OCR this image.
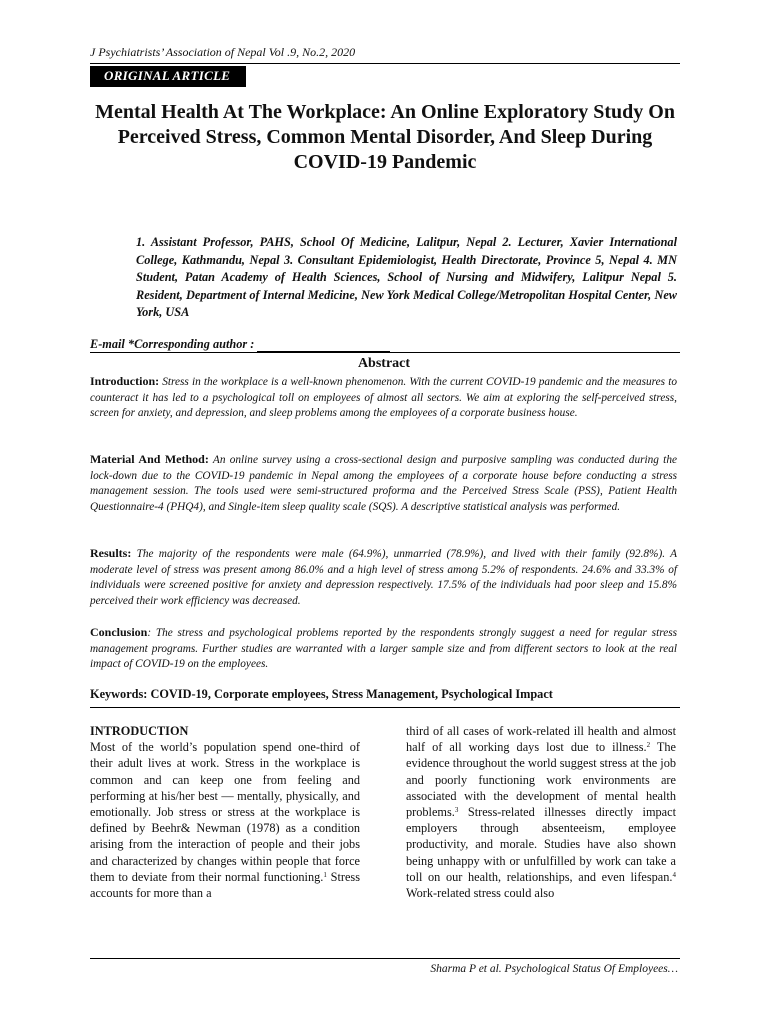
J Psychiatrists’ Association of Nepal Vol .9, No.2, 2020
ORIGINAL ARTICLE
Mental Health At The Workplace: An Online Exploratory Study On Perceived Stress, Common Mental Disorder, And Sleep During COVID-19 Pandemic
1. Assistant Professor, PAHS, School Of Medicine, Lalitpur, Nepal 2. Lecturer, Xavier International College, Kathmandu, Nepal 3. Consultant Epidemiologist, Health Directorate, Province 5, Nepal 4. MN Student, Patan Academy of Health Sciences, School of Nursing and Midwifery, Lalitpur Nepal 5. Resident, Department of Internal Medicine, New York Medical College/Metropolitan Hospital Center, New York, USA
E-mail *Corresponding author :
Abstract
Introduction: Stress in the workplace is a well-known phenomenon. With the current COVID-19 pandemic and the measures to counteract it has led to a psychological toll on employees of almost all sectors. We aim at exploring the self-perceived stress, screen for anxiety, and depression, and sleep problems among the employees of a corporate business house.
Material And Method: An online survey using a cross-sectional design and purposive sampling was conducted during the lock-down due to the COVID-19 pandemic in Nepal among the employees of a corporate house before conducting a stress management session. The tools used were semi-structured proforma and the Perceived Stress Scale (PSS), Patient Health Questionnaire-4 (PHQ4), and Single-item sleep quality scale (SQS). A descriptive statistical analysis was performed.
Results: The majority of the respondents were male (64.9%), unmarried (78.9%), and lived with their family (92.8%). A moderate level of stress was present among 86.0% and a high level of stress among 5.2% of respondents. 24.6% and 33.3% of individuals were screened positive for anxiety and depression respectively. 17.5% of the individuals had poor sleep and 15.8% perceived their work efficiency was decreased.
Conclusion: The stress and psychological problems reported by the respondents strongly suggest a need for regular stress management programs. Further studies are warranted with a larger sample size and from different sectors to look at the real impact of COVID-19 on the employees.
Keywords: COVID-19, Corporate employees, Stress Management, Psychological Impact
INTRODUCTION
Most of the world’s population spend one-third of their adult lives at work. Stress in the workplace is common and can keep one from feeling and performing at his/her best — mentally, physically, and emotionally. Job stress or stress at the workplace is defined by Beehr& Newman (1978) as a condition arising from the interaction of people and their jobs and characterized by changes within people that force them to deviate from their normal functioning.$^1$ Stress accounts for more than a
third of all cases of work-related ill health and almost half of all working days lost due to illness.$^2$ The evidence throughout the world suggest stress at the job and poorly functioning work environments are associated with the development of mental health problems.$^3$ Stress-related illnesses directly impact employers through absenteeism, employee productivity, and morale. Studies have also shown being unhappy with or unfulfilled by work can take a toll on our health, relationships, and even lifespan.$^4$ Work-related stress could also
Sharma P et al. Psychological Status Of Employees…
